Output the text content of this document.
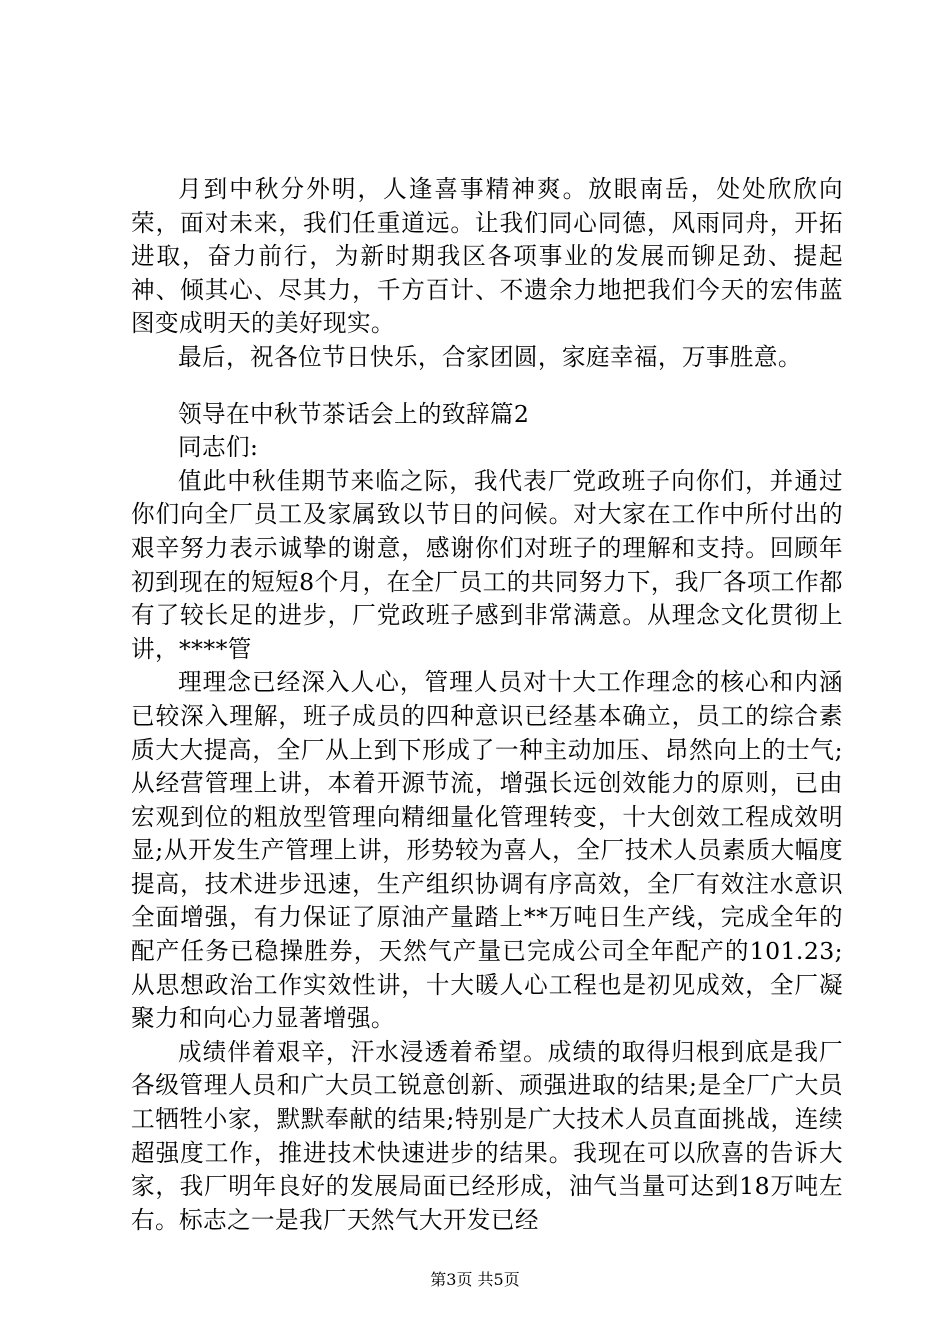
月到中秋分外明，人逢喜事精神爽。放眼南岳，处处欣欣向荣，面对未来，我们任重道远。让我们同心同德，风雨同舟，开拓进取，奋力前行，为新时期我区各项事业的发展而铆足劲、提起神、倾其心、尽其力，千方百计、不遗余力地把我们今天的宏伟蓝图变成明天的美好现实。

最后，祝各位节日快乐，合家团圆，家庭幸福，万事胜意。

领导在中秋节茶话会上的致辞篇2

同志们:

值此中秋佳期节来临之际，我代表厂党政班子向你们，并通过你们向全厂员工及家属致以节日的问候。对大家在工作中所付出的艰辛努力表示诚挚的谢意，感谢你们对班子的理解和支持。回顾年初到现在的短短8个月，在全厂员工的共同努力下，我厂各项工作都有了较长足的进步，厂党政班子感到非常满意。从理念文化贯彻上讲，****管

理理念已经深入人心，管理人员对十大工作理念的核心和内涵已较深入理解，班子成员的四种意识已经基本确立，员工的综合素质大大提高，全厂从上到下形成了一种主动加压、昂然向上的士气;从经营管理上讲，本着开源节流，增强长远创效能力的原则，已由宏观到位的粗放型管理向精细量化管理转变，十大创效工程成效明显;从开发生产管理上讲，形势较为喜人，全厂技术人员素质大幅度提高，技术进步迅速，生产组织协调有序高效，全厂有效注水意识全面增强，有力保证了原油产量踏上**万吨日生产线，完成全年的配产任务已稳操胜券，天然气产量已完成公司全年配产的101.23;从思想政治工作实效性讲，十大暖人心工程也是初见成效，全厂凝聚力和向心力显著增强。

成绩伴着艰辛，汗水浸透着希望。成绩的取得归根到底是我厂各级管理人员和广大员工锐意创新、顽强进取的结果;是全厂广大员工牺牲小家，默默奉献的结果;特别是广大技术人员直面挑战，连续超强度工作，推进技术快速进步的结果。我现在可以欣喜的告诉大家，我厂明年良好的发展局面已经形成，油气当量可达到18万吨左右。标志之一是我厂天然气大开发已经

第3页 共5页
